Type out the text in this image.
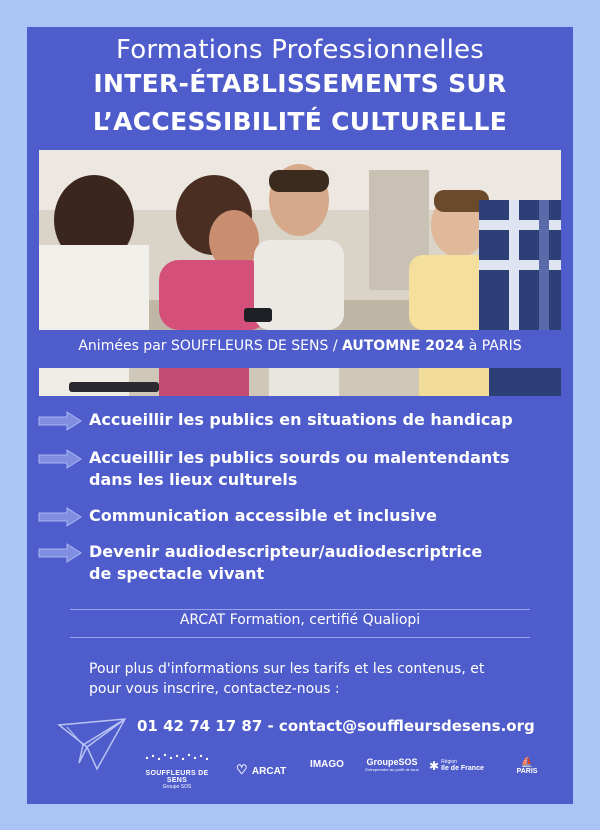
Formations Professionnelles
INTER-ÉTABLISSEMENTS SUR
L’ACCESSIBILITÉ CULTURELLE
Animées par SOUFFLEURS DE SENS / AUTOMNE 2024 à PARIS
Accueillir les publics en situations de handicap
Accueillir les publics sourds ou malentendants
dans les lieux culturels
Communication accessible et inclusive
Devenir audiodescripteur/audiodescriptrice
de spectacle vivant
ARCAT Formation, certifié Qualiopi
Pour plus d'informations sur les tarifs et les contenus, et
pour vous inscrire, contactez-nous :
01 42 74 17 87 - contact@souffleursdesens.org
SOUFFLEURS DE SENS
Groupe SOS
♡ ARCAT
IMAGO	GroupeSOS
Entreprendre au profit de tous ✱ Région
Ile de France
⛵
PARIS
